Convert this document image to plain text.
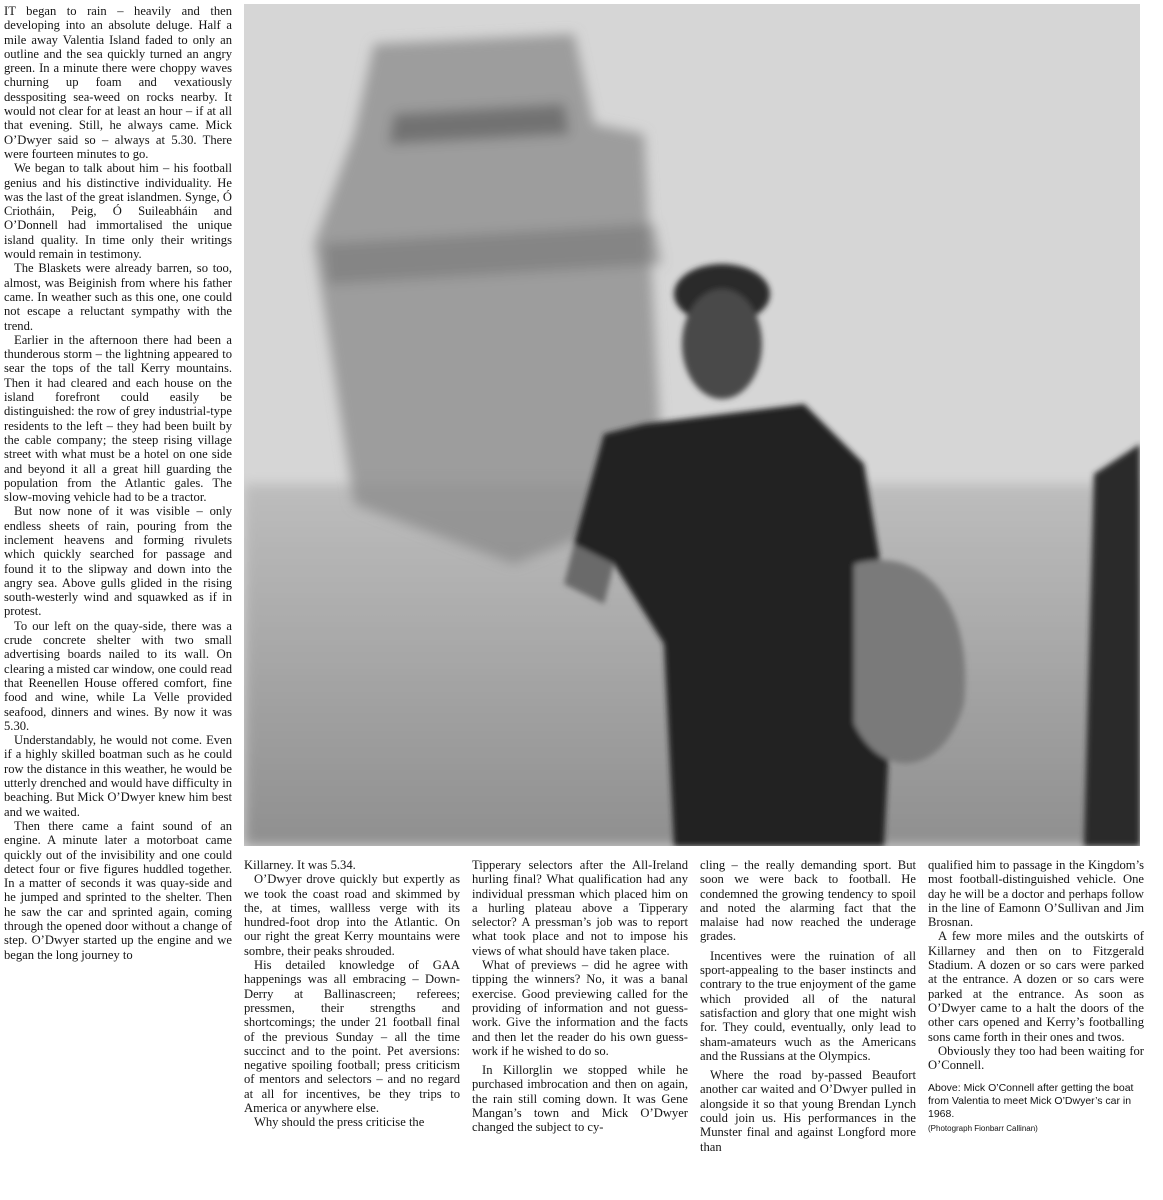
IT began to rain – heavily and then developing into an absolute deluge. Half a mile away Valentia Island faded to only an outline and the sea quickly turned an angry green. In a minute there were choppy waves churning up foam and vexatiously desspositing sea-weed on rocks nearby. It would not clear for at least an hour – if at all that evening. Still, he always came. Mick O’Dwyer said so – always at 5.30. There were fourteen minutes to go.

We began to talk about him – his football genius and his distinctive individuality. He was the last of the great islandmen. Synge, Ó Criotháin, Peig, Ó Suileabháin and O’Donnell had immortalised the unique island quality. In time only their writings would remain in testimony.

The Blaskets were already barren, so too, almost, was Beiginish from where his father came. In weather such as this one, one could not escape a reluctant sympathy with the trend.

Earlier in the afternoon there had been a thunderous storm – the lightning appeared to sear the tops of the tall Kerry mountains. Then it had cleared and each house on the island forefront could easily be distinguished: the row of grey industrial-type residents to the left – they had been built by the cable company; the steep rising village street with what must be a hotel on one side and beyond it all a great hill guarding the population from the Atlantic gales. The slow-moving vehicle had to be a tractor.

But now none of it was visible – only endless sheets of rain, pouring from the inclement heavens and forming rivulets which quickly searched for passage and found it to the slipway and down into the angry sea. Above gulls glided in the rising south-westerly wind and squawked as if in protest.

To our left on the quay-side, there was a crude concrete shelter with two small advertising boards nailed to its wall. On clearing a misted car window, one could read that Reenellen House offered comfort, fine food and wine, while La Velle provided seafood, dinners and wines. By now it was 5.30.

Understandably, he would not come. Even if a highly skilled boatman such as he could row the distance in this weather, he would be utterly drenched and would have difficulty in beaching. But Mick O’Dwyer knew him best and we waited.

Then there came a faint sound of an engine. A minute later a motorboat came quickly out of the invisibility and one could detect four or five figures huddled together. In a matter of seconds it was quay-side and he jumped and sprinted to the shelter. Then he saw the car and sprinted again, coming through the opened door without a change of step. O’Dwyer started up the engine and we began the long journey to

Killarney. It was 5.34.

O’Dwyer drove quickly but expertly as we took the coast road and skimmed by the, at times, wallless verge with its hundred-foot drop into the Atlantic. On our right the great Kerry mountains were sombre, their peaks shrouded.

His detailed knowledge of GAA happenings was all embracing – Down-Derry at Ballinascreen; referees; pressmen, their strengths and shortcomings; the under 21 football final of the previous Sunday – all the time succinct and to the point. Pet aversions: negative spoiling football; press criticism of mentors and selectors – and no regard at all for incentives, be they trips to America or anywhere else.

Why should the press criticise the

Tipperary selectors after the All-Ireland hurling final? What qualification had any individual pressman which placed him on a hurling plateau above a Tipperary selector? A pressman’s job was to report what took place and not to impose his views of what should have taken place.

What of previews – did he agree with tipping the winners? No, it was a banal exercise. Good previewing called for the providing of information and not guess-work. Give the information and the facts and then let the reader do his own guess-work if he wished to do so.

In Killorglin we stopped while he purchased imbrocation and then on again, the rain still coming down. It was Gene Mangan’s town and Mick O’Dwyer changed the subject to cy-

cling – the really demanding sport. But soon we were back to football. He condemned the growing tendency to spoil and noted the alarming fact that the malaise had now reached the underage grades.

Incentives were the ruination of all sport-appealing to the baser instincts and contrary to the true enjoyment of the game which provided all of the natural satisfaction and glory that one might wish for. They could, eventually, only lead to sham-amateurs wuch as the Americans and the Russians at the Olympics.

Where the road by-passed Beaufort another car waited and O’Dwyer pulled in alongside it so that young Brendan Lynch could join us. His performances in the Munster final and against Longford more than

qualified him to passage in the Kingdom’s most football-distinguished vehicle. One day he will be a doctor and perhaps follow in the line of Eamonn O’Sullivan and Jim Brosnan.

A few more miles and the outskirts of Killarney and then on to Fitzgerald Stadium. A dozen or so cars were parked at the entrance. A dozen or so cars were parked at the entrance. As soon as O’Dwyer came to a halt the doors of the other cars opened and Kerry’s footballing sons came forth in their ones and twos.

Obviously they too had been waiting for O’Connell.

Above: Mick O’Connell after getting the boat from Valentia to meet Mick O’Dwyer’s car in 1968.
(Photograph Fionbarr Callinan)
